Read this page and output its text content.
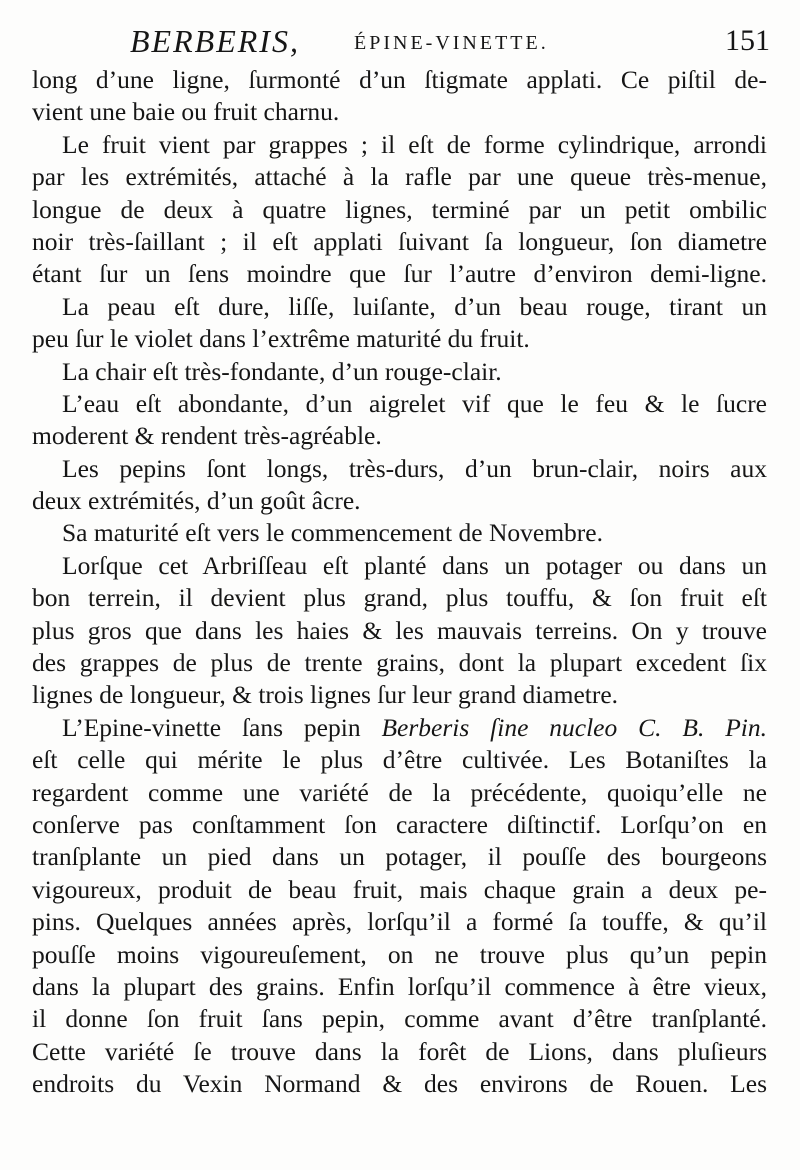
BERBERIS,	ÉPINE-VINETTE.	151
long d’une ligne, ſurmonté d’un ſtigmate applati. Ce piſtil de-
vient une baie ou fruit charnu.
Le fruit vient par grappes ; il eſt de forme cylindrique, arrondi
par les extrémités, attaché à la rafle par une queue très-menue,
longue de deux à quatre lignes, terminé par un petit ombilic
noir très-ſaillant ; il eſt applati ſuivant ſa longueur, ſon diametre
étant ſur un ſens moindre que ſur l’autre d’environ demi-ligne.
La peau eſt dure, liſſe, luiſante, d’un beau rouge, tirant un
peu ſur le violet dans l’extrême maturité du fruit.
La chair eſt très-fondante, d’un rouge-clair.
L’eau eſt abondante, d’un aigrelet vif que le feu & le ſucre
moderent & rendent très-agréable.
Les pepins ſont longs, très-durs, d’un brun-clair, noirs aux
deux extrémités, d’un goût âcre.
Sa maturité eſt vers le commencement de Novembre.
Lorſque cet Arbriſſeau eſt planté dans un potager ou dans un
bon terrein, il devient plus grand, plus touffu, & ſon fruit eſt
plus gros que dans les haies & les mauvais terreins. On y trouve
des grappes de plus de trente grains, dont la plupart excedent ſix
lignes de longueur, & trois lignes ſur leur grand diametre.
L’Epine-vinette ſans pepin Berberis ſine nucleo C. B. Pin.
eſt celle qui mérite le plus d’être cultivée. Les Botaniſtes la
regardent comme une variété de la précédente, quoiqu’elle ne
conſerve pas conſtamment ſon caractere diſtinctif. Lorſqu’on en
tranſplante un pied dans un potager, il pouſſe des bourgeons
vigoureux, produit de beau fruit, mais chaque grain a deux pe-
pins. Quelques années après, lorſqu’il a formé ſa touffe, & qu’il
pouſſe moins vigoureuſement, on ne trouve plus qu’un pepin
dans la plupart des grains. Enfin lorſqu’il commence à être vieux,
il donne ſon fruit ſans pepin, comme avant d’être tranſplanté.
Cette variété ſe trouve dans la forêt de Lions, dans pluſieurs
endroits du Vexin Normand & des environs de Rouen. Les
